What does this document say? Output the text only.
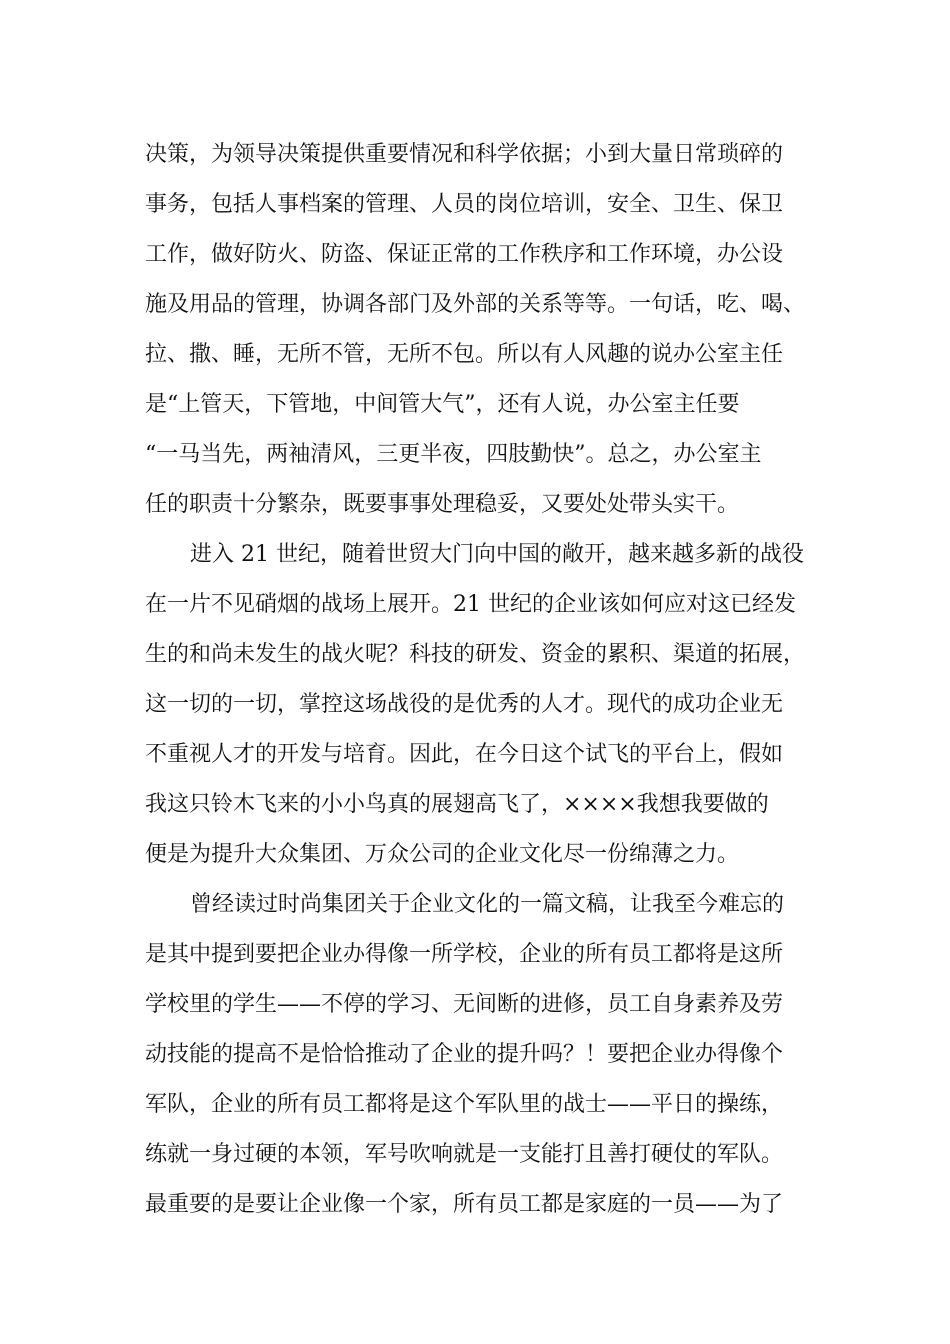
决策，为领导决策提供重要情况和科学依据；小到大量日常琐碎的
事务，包括人事档案的管理、人员的岗位培训，安全、卫生、保卫
工作，做好防火、防盗、保证正常的工作秩序和工作环境，办公设
施及用品的管理，协调各部门及外部的关系等等。一句话，吃、喝、
拉、撒、睡，无所不管，无所不包。所以有人风趣的说办公室主任
是“上管天，下管地，中间管大气”，还有人说，办公室主任要
“一马当先，两袖清风，三更半夜，四肢勤快”。总之，办公室主
任的职责十分繁杂，既要事事处理稳妥，又要处处带头实干。
进入 21 世纪，随着世贸大门向中国的敞开，越来越多新的战役
在一片不见硝烟的战场上展开。21 世纪的企业该如何应对这已经发
生的和尚未发生的战火呢？科技的研发、资金的累积、渠道的拓展，
这一切的一切，掌控这场战役的是优秀的人才。现代的成功企业无
不重视人才的开发与培育。因此，在今日这个试飞的平台上，假如
我这只铃木飞来的小小鸟真的展翅高飞了，××××我想我要做的
便是为提升大众集团、万众公司的企业文化尽一份绵薄之力。
曾经读过时尚集团关于企业文化的一篇文稿，让我至今难忘的
是其中提到要把企业办得像一所学校，企业的所有员工都将是这所
学校里的学生——不停的学习、无间断的进修，员工自身素养及劳
动技能的提高不是恰恰推动了企业的提升吗？！要把企业办得像个
军队，企业的所有员工都将是这个军队里的战士——平日的操练，
练就一身过硬的本领，军号吹响就是一支能打且善打硬仗的军队。
最重要的是要让企业像一个家，所有员工都是家庭的一员——为了
